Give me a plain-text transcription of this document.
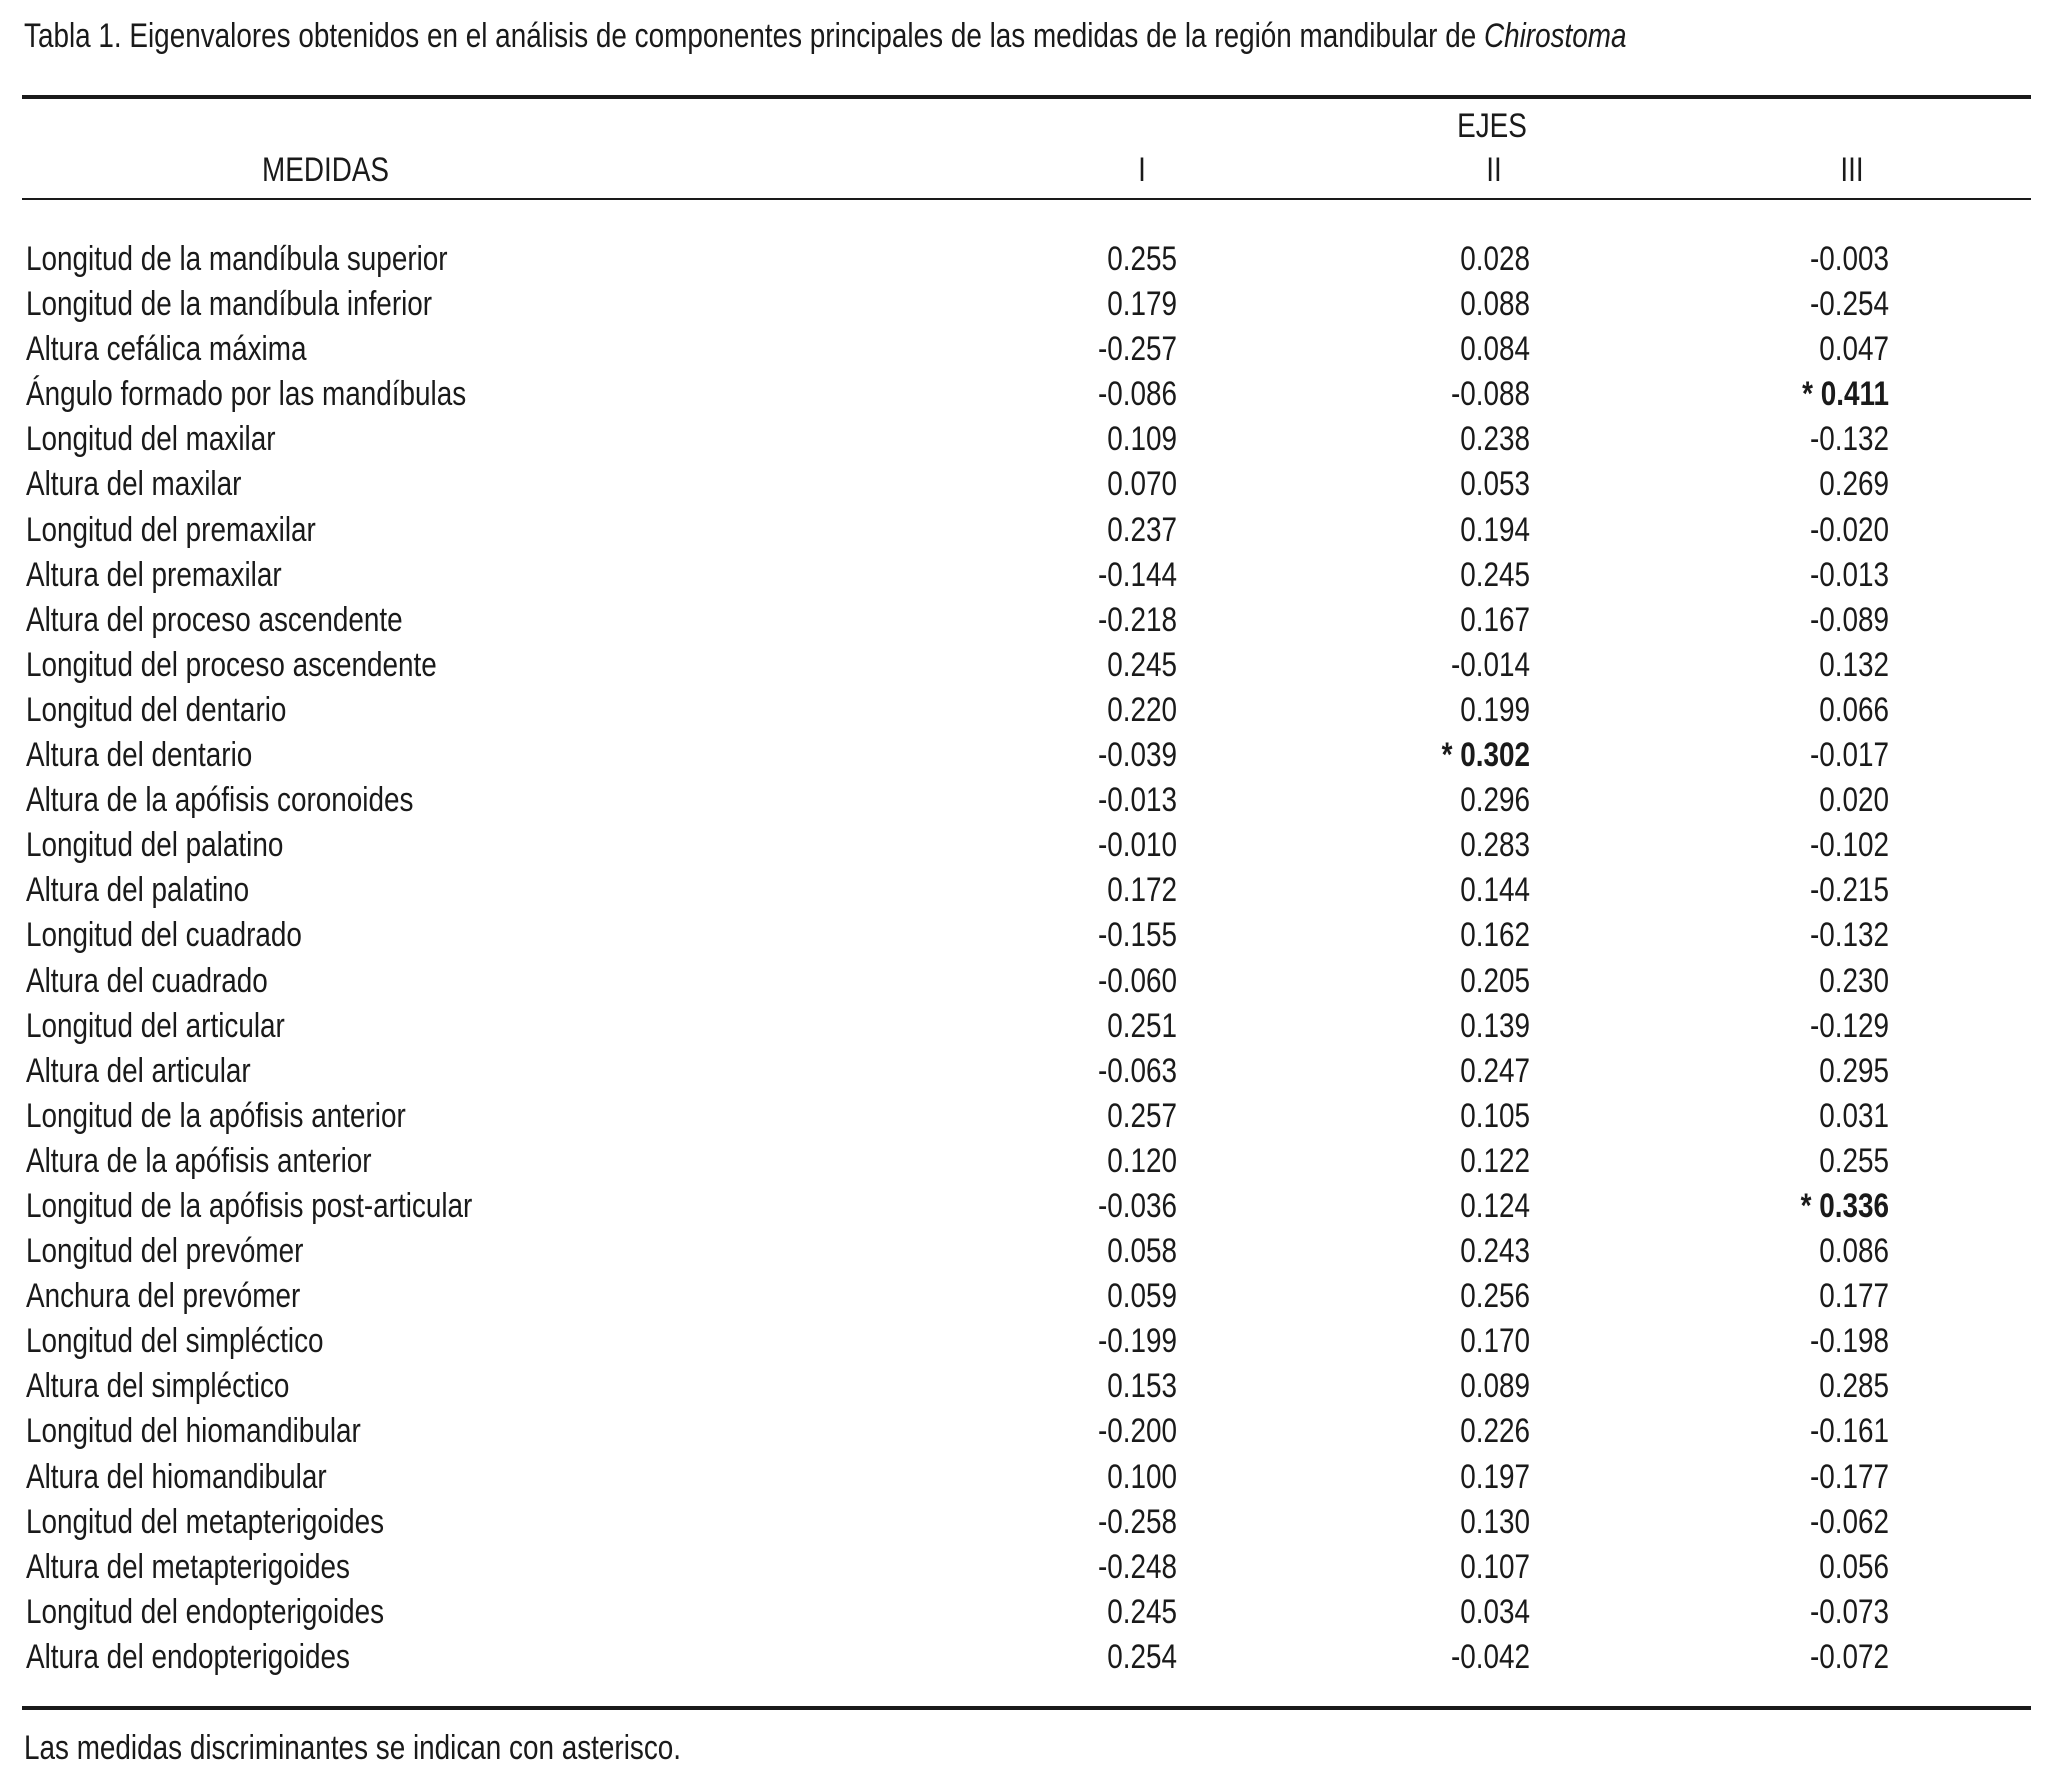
Tabla 1. Eigenvalores obtenidos en el análisis de componentes principales de las medidas de la región mandibular de Chirostoma
EJES
MEDIDAS	I	II	III
Longitud de la mandíbula superior	0.255	0.028	-0.003
Longitud de la mandíbula inferior	0.179	0.088	-0.254
Altura cefálica máxima	-0.257	0.084	0.047
Ángulo formado por las mandíbulas	-0.086	-0.088	* 0.411
Longitud del maxilar	0.109	0.238	-0.132
Altura del maxilar	0.070	0.053	0.269
Longitud del premaxilar	0.237	0.194	-0.020
Altura del premaxilar	-0.144	0.245	-0.013
Altura del proceso ascendente	-0.218	0.167	-0.089
Longitud del proceso ascendente	0.245	-0.014	0.132
Longitud del dentario	0.220	0.199	0.066
Altura del dentario	-0.039	* 0.302	-0.017
Altura de la apófisis coronoides	-0.013	0.296	0.020
Longitud del palatino	-0.010	0.283	-0.102
Altura del palatino	0.172	0.144	-0.215
Longitud del cuadrado	-0.155	0.162	-0.132
Altura del cuadrado	-0.060	0.205	0.230
Longitud del articular	0.251	0.139	-0.129
Altura del articular	-0.063	0.247	0.295
Longitud de la apófisis anterior	0.257	0.105	0.031
Altura de la apófisis anterior	0.120	0.122	0.255
Longitud de la apófisis post-articular	-0.036	0.124	* 0.336
Longitud del prevómer	0.058	0.243	0.086
Anchura del prevómer	0.059	0.256	0.177
Longitud del simpléctico	-0.199	0.170	-0.198
Altura del simpléctico	0.153	0.089	0.285
Longitud del hiomandibular	-0.200	0.226	-0.161
Altura del hiomandibular	0.100	0.197	-0.177
Longitud del metapterigoides	-0.258	0.130	-0.062
Altura del metapterigoides	-0.248	0.107	0.056
Longitud del endopterigoides	0.245	0.034	-0.073
Altura del endopterigoides	0.254	-0.042	-0.072
Las medidas discriminantes se indican con asterisco.
